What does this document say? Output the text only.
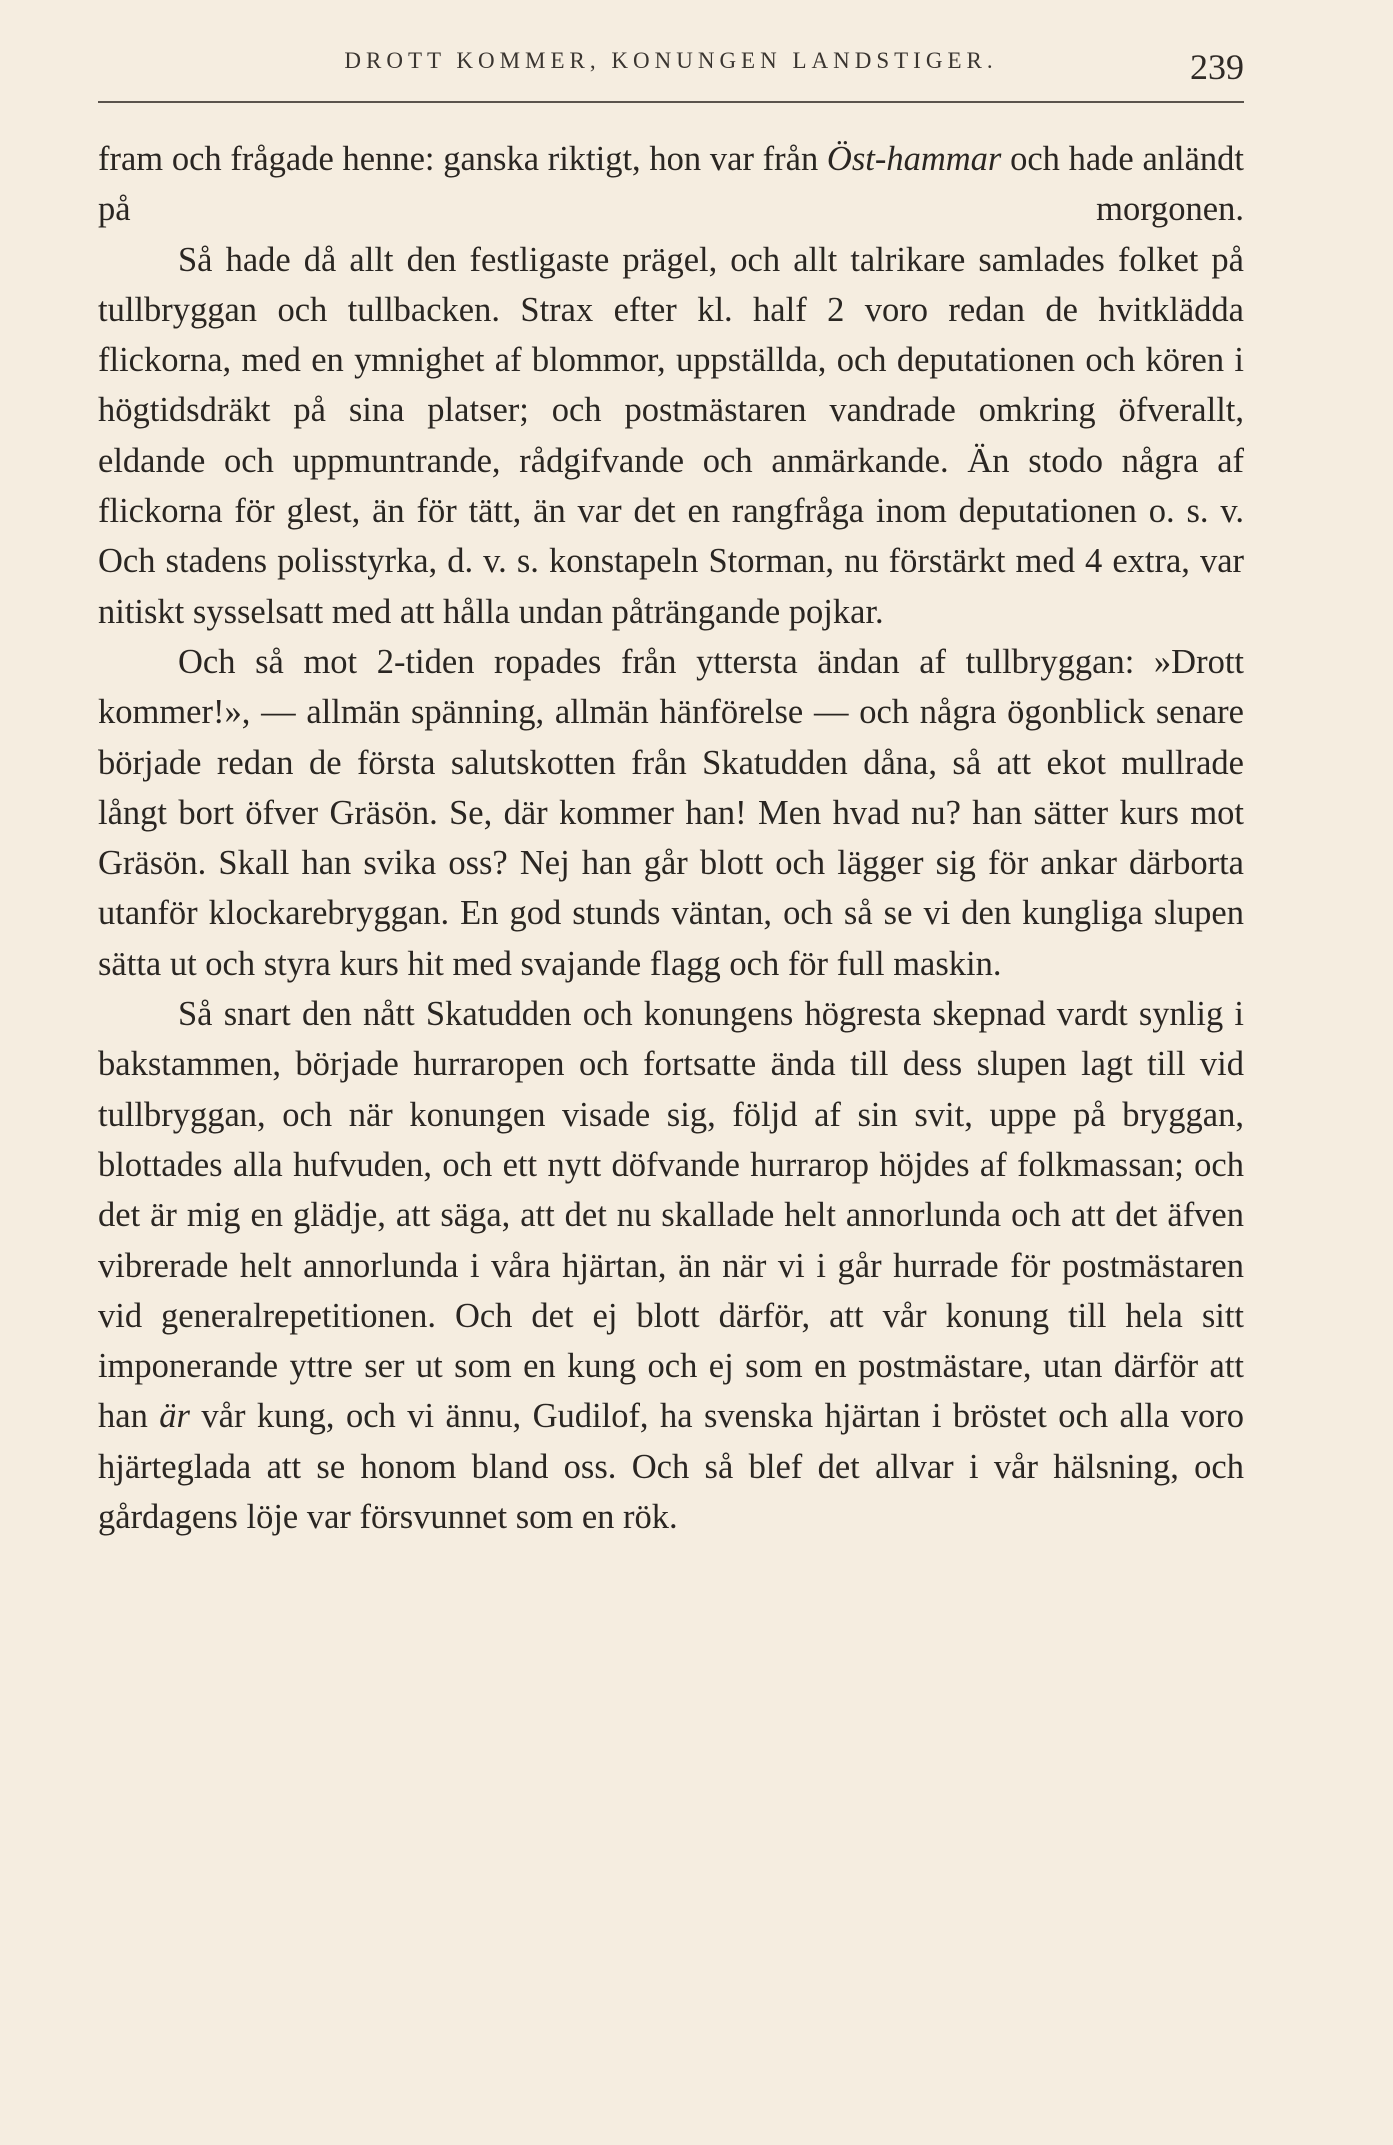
DROTT KOMMER, KONUNGEN LANDSTIGER.	239

fram och frågade henne: ganska riktigt, hon var från Öst-hammar och hade anländt på morgonen.

Så hade då allt den festligaste prägel, och allt talrikare samlades folket på tullbryggan och tullbacken. Strax efter kl. half 2 voro redan de hvitklädda flickorna, med en ymnighet af blommor, uppställda, och deputationen och kören i högtidsdräkt på sina platser; och postmästaren vandrade omkring öfverallt, eldande och uppmuntrande, rådgifvande och anmärkande. Än stodo några af flickorna för glest, än för tätt, än var det en rangfråga inom deputationen o. s. v. Och stadens polisstyrka, d. v. s. konstapeln Storman, nu förstärkt med 4 extra, var nitiskt sysselsatt med att hålla undan påträngande pojkar.

Och så mot 2-tiden ropades från yttersta ändan af tullbryggan: »Drott kommer!», — allmän spänning, allmän hänförelse — och några ögonblick senare började redan de första salutskotten från Skatudden dåna, så att ekot mullrade långt bort öfver Gräsön. Se, där kommer han! Men hvad nu? han sätter kurs mot Gräsön. Skall han svika oss? Nej han går blott och lägger sig för ankar därborta utanför klockarebryggan. En god stunds väntan, och så se vi den kungliga slupen sätta ut och styra kurs hit med svajande flagg och för full maskin.

Så snart den nått Skatudden och konungens högresta skepnad vardt synlig i bakstammen, började hurraropen och fortsatte ända till dess slupen lagt till vid tullbryggan, och när konungen visade sig, följd af sin svit, uppe på bryggan, blottades alla hufvuden, och ett nytt döfvande hurrarop höjdes af folkmassan; och det är mig en glädje, att säga, att det nu skallade helt annorlunda och att det äfven vibrerade helt annorlunda i våra hjärtan, än när vi i går hurrade för postmästaren vid generalrepetitionen. Och det ej blott därför, att vår konung till hela sitt imponerande yttre ser ut som en kung och ej som en postmästare, utan därför att han är vår kung, och vi ännu, Gudilof, ha svenska hjärtan i bröstet och alla voro hjärteglada att se honom bland oss. Och så blef det allvar i vår hälsning, och gårdagens löje var försvunnet som en rök.
